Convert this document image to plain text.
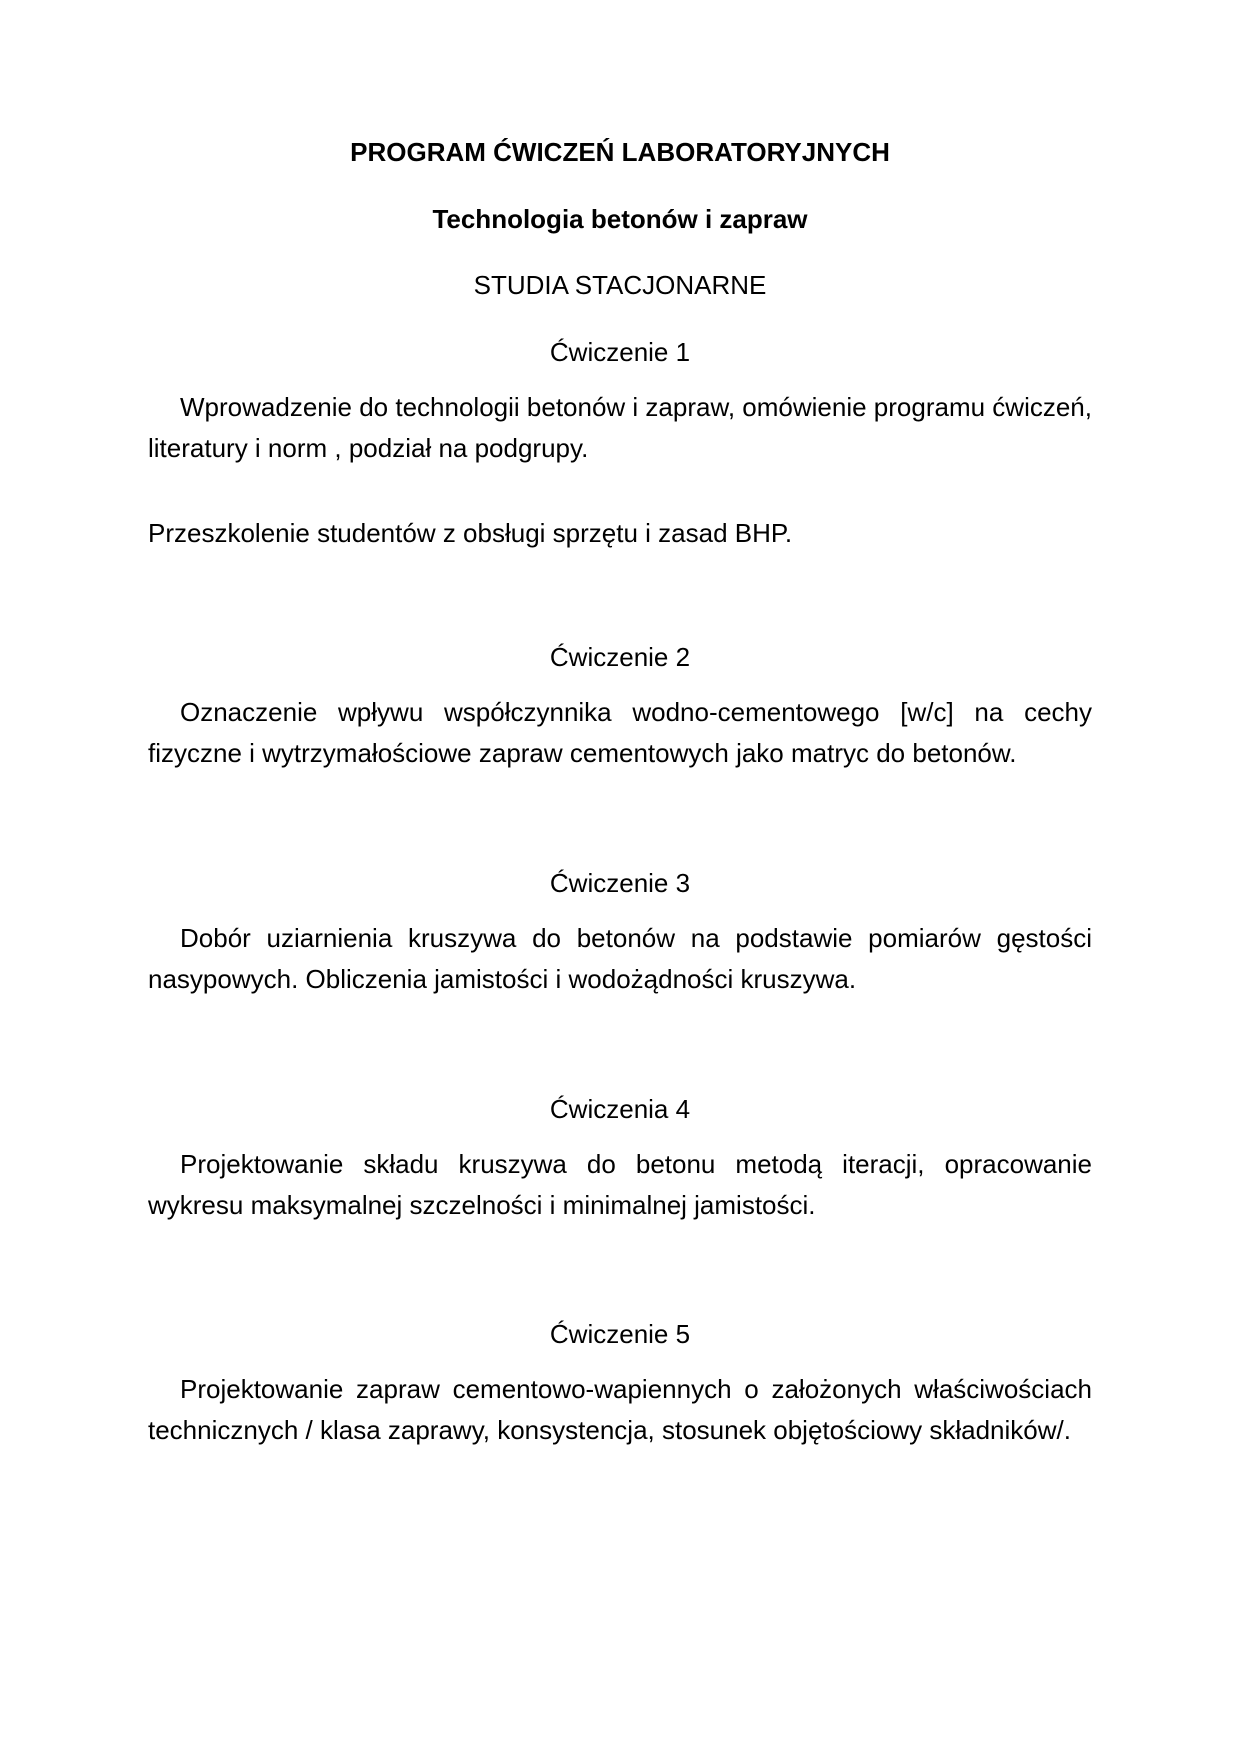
PROGRAM ĆWICZEŃ LABORATORYJNYCH
Technologia betonów i zapraw
STUDIA STACJONARNE
Ćwiczenie 1
Wprowadzenie do technologii betonów i zapraw, omówienie programu ćwiczeń, literatury i norm , podział na podgrupy.
Przeszkolenie studentów z obsługi sprzętu i zasad BHP.
Ćwiczenie 2
Oznaczenie wpływu współczynnika wodno-cementowego [w/c] na cechy fizyczne i wytrzymałościowe zapraw cementowych jako matryc do betonów.
Ćwiczenie 3
Dobór uziarnienia kruszywa do betonów na podstawie pomiarów gęstości nasypowych. Obliczenia jamistości i wodożądności kruszywa.
Ćwiczenia 4
Projektowanie składu kruszywa do betonu metodą iteracji, opracowanie wykresu maksymalnej szczelności i minimalnej jamistości.
Ćwiczenie 5
Projektowanie zapraw cementowo-wapiennych o założonych właściwościach technicznych / klasa zaprawy, konsystencja, stosunek objętościowy składników/.
